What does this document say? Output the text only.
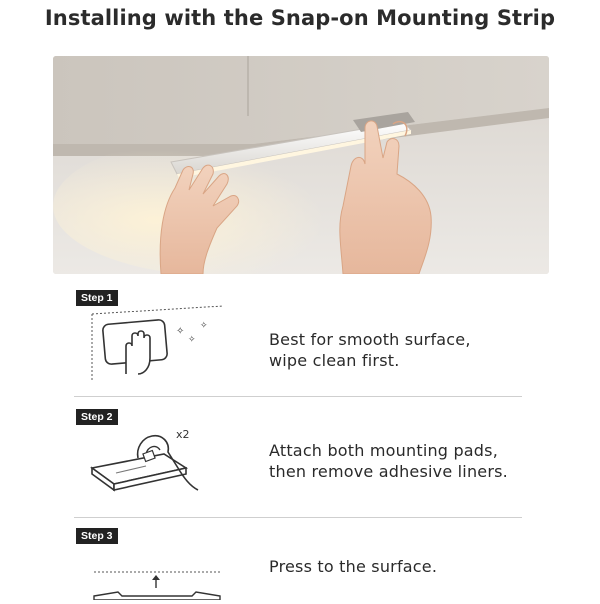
Installing with the Snap-on Mounting Strip
Step 1
✧
✧
✧
Best for smooth surface,
wipe clean first.
Step 2
x2
Attach both mounting pads,
then remove adhesive liners.
Step 3
Press to the surface.
